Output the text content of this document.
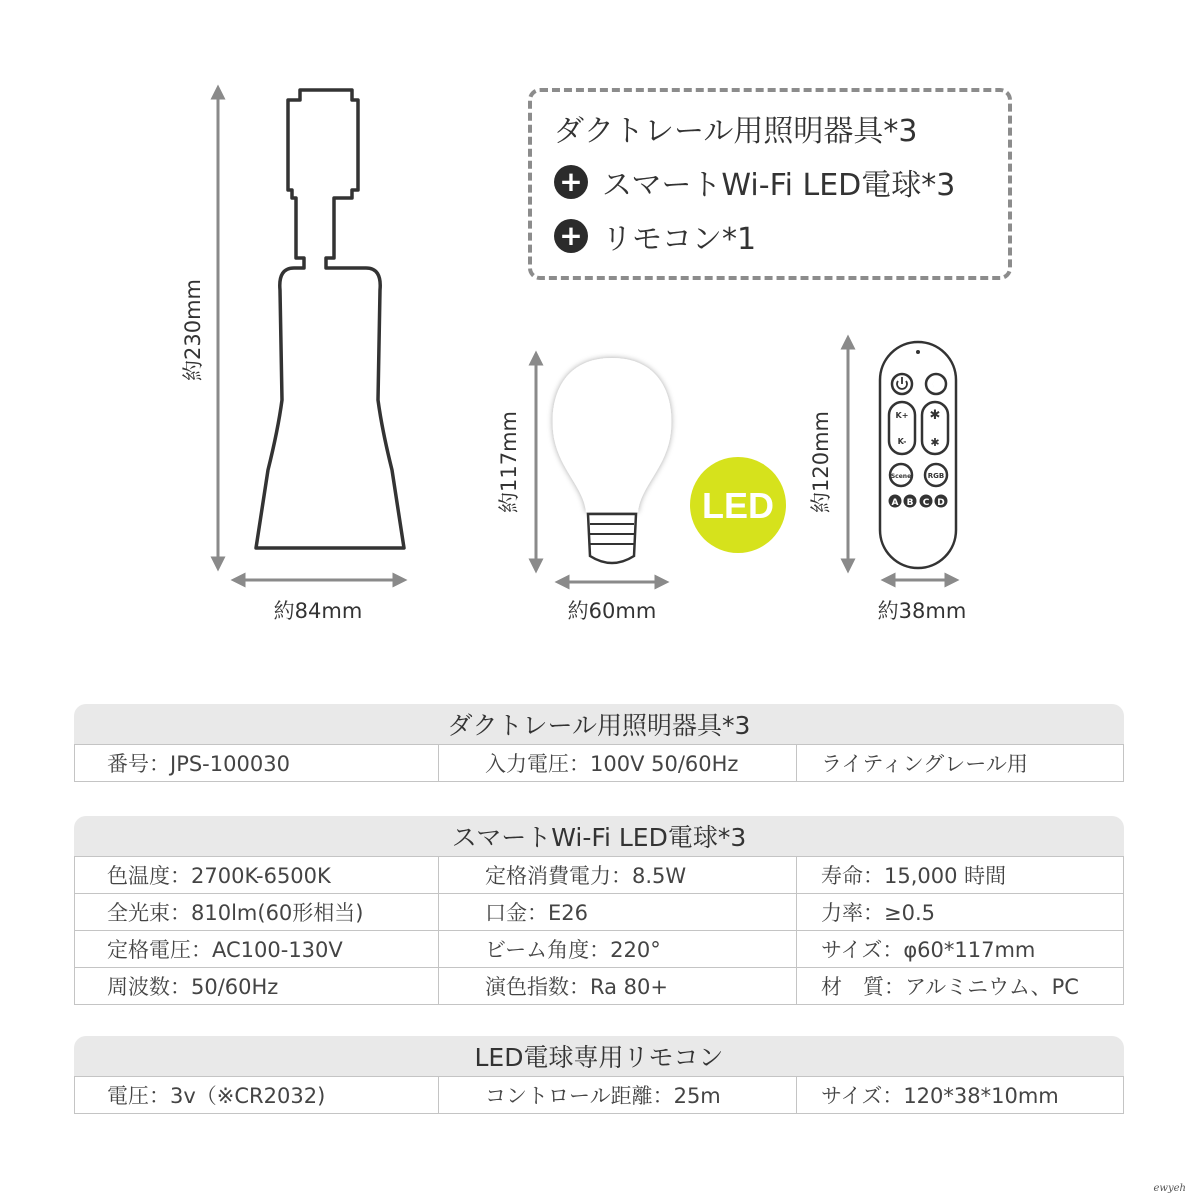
約230mm
約84mm
約117mm
約60mm
LED
K+
K-
✱
✱
Scene RGB
A B C D
約120mm
約38mm
ダクトレール用照明器具*3
+ スマートWi-Fi LED電球*3
+ リモコン*1
ダクトレール用照明器具*3
番号：JPS-100030	入力電圧：100V 50/60Hz	ライティングレール用
スマートWi-Fi LED電球*3
色温度：2700K-6500K	定格消費電力：8.5W	寿命：15,000 時間
全光束：810lm(60形相当)	口金：E26	力率：≥0.5
定格電圧：AC100-130V	ビーム角度：220°	サイズ：φ60*117mm
周波数：50/60Hz	演色指数：Ra 80+	材　質：アルミニウム、PC
LED電球専用リモコン
電圧：3v（※CR2032)	コントロール距離：25m	サイズ：120*38*10mm
ewyeh
